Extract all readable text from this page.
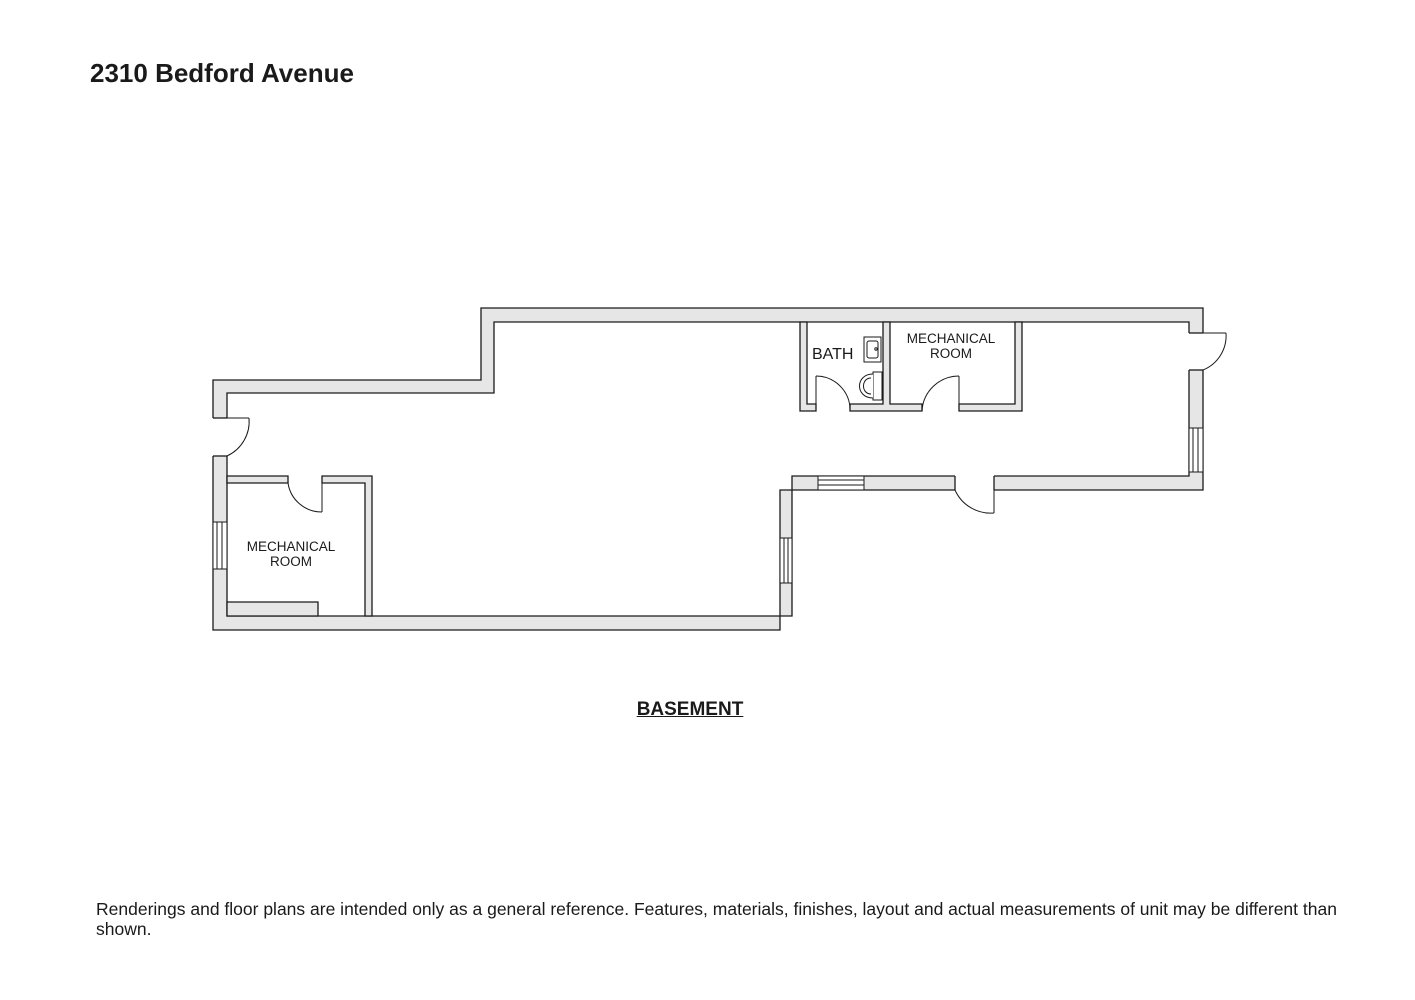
2310 Bedford Avenue
BATH
MECHANICAL
ROOM
MECHANICAL
ROOM
BASEMENT

Renderings and floor plans are intended only as a general reference. Features, materials, finishes, layout and actual measurements of unit may be different than shown.
